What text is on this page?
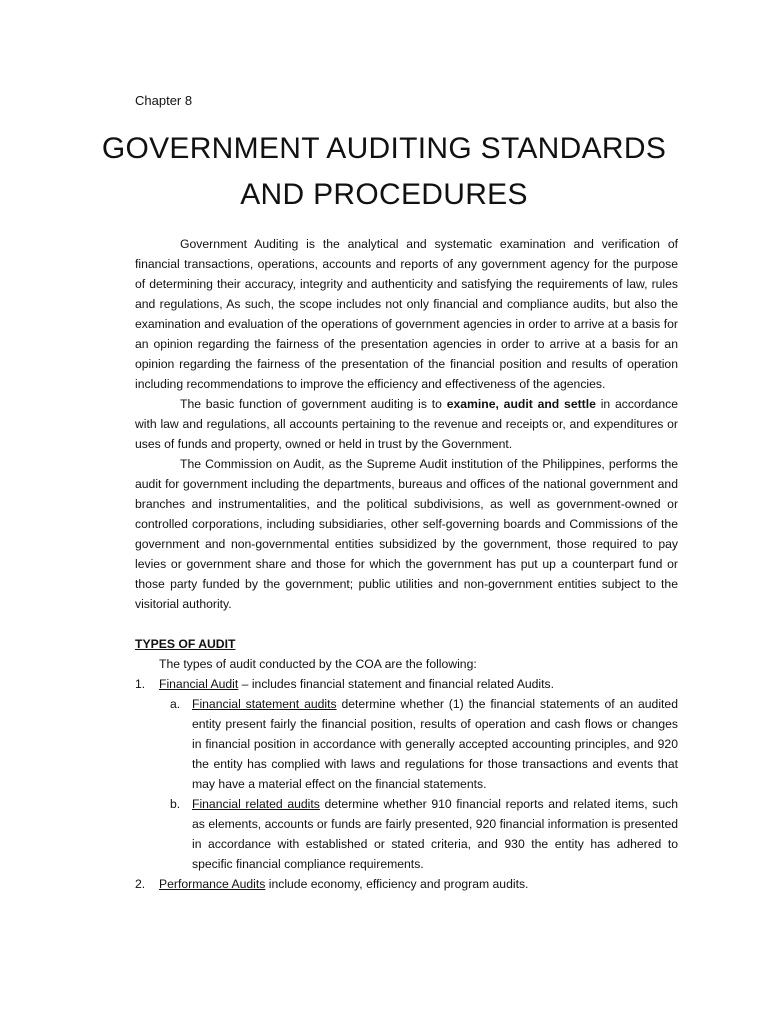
Chapter 8
GOVERNMENT AUDITING STANDARDS
AND PROCEDURES

Government Auditing is the analytical and systematic examination and verification of financial transactions, operations, accounts and reports of any government agency for the purpose of determining their accuracy, integrity and authenticity and satisfying the requirements of law, rules and regulations, As such, the scope includes not only financial and compliance audits, but also the examination and evaluation of the operations of government agencies in order to arrive at a basis for an opinion regarding the fairness of the presentation agencies in order to arrive at a basis for an opinion regarding the fairness of the presentation of the financial position and results of operation including recommendations to improve the efficiency and effectiveness of the agencies.

The basic function of government auditing is to examine, audit and settle in accordance with law and regulations, all accounts pertaining to the revenue and receipts or, and expenditures or uses of funds and property, owned or held in trust by the Government.

The Commission on Audit, as the Supreme Audit institution of the Philippines, performs the audit for government including the departments, bureaus and offices of the national government and branches and instrumentalities, and the political subdivisions, as well as government-owned or controlled corporations, including subsidiaries, other self-governing boards and Commissions of the government and non-governmental entities subsidized by the government, those required to pay levies or government share and those for which the government has put up a counterpart fund or those party funded by the government; public utilities and non-government entities subject to the visitorial authority.

TYPES OF AUDIT

The types of audit conducted by the COA are the following:

1. Financial Audit – includes financial statement and financial related Audits.
a. Financial statement audits determine whether (1) the financial statements of an audited entity present fairly the financial position, results of operation and cash flows or changes in financial position in accordance with generally accepted accounting principles, and 920 the entity has complied with laws and regulations for those transactions and events that may have a material effect on the financial statements.
b. Financial related audits determine whether 910 financial reports and related items, such as elements, accounts or funds are fairly presented, 920 financial information is presented in accordance with established or stated criteria, and 930 the entity has adhered to specific financial compliance requirements.
2. Performance Audits include economy, efficiency and program audits.
